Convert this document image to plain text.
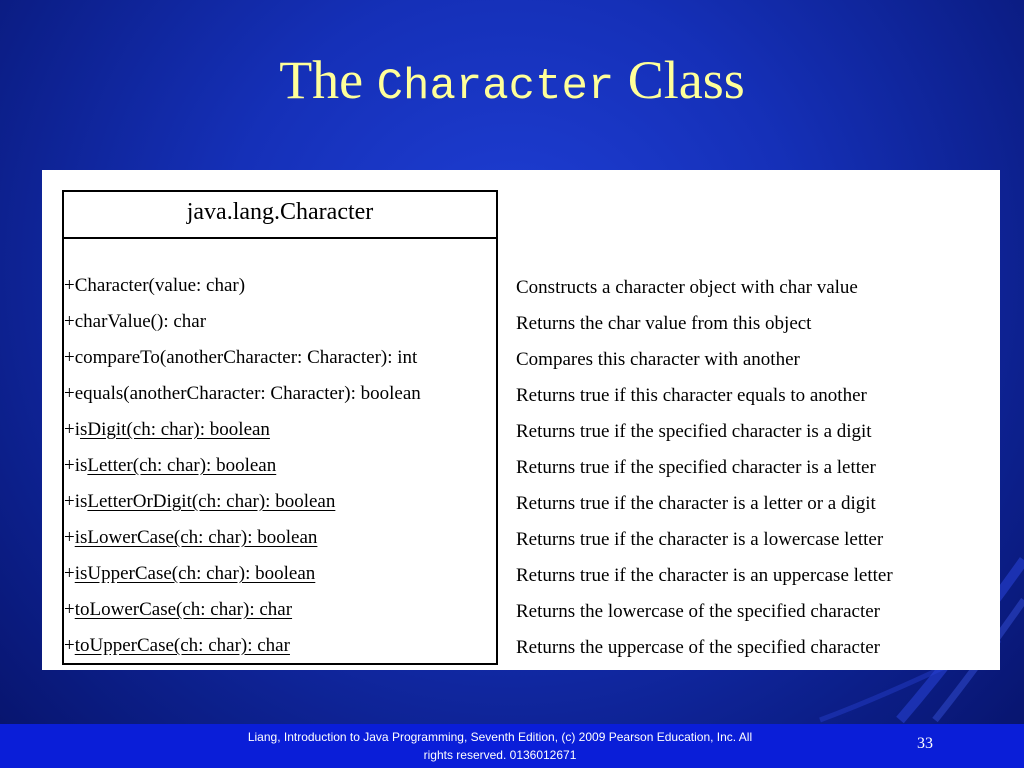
The Character Class
java.lang.Character
+Character(value: char)	Constructs a character object with char value
+charValue(): char	Returns the char value from this object
+compareTo(anotherCharacter: Character): int	Compares this character with another
+equals(anotherCharacter: Character): boolean	Returns true if this character equals to another
+isDigit(ch: char): boolean	Returns true if the specified character is a digit
+isLetter(ch: char): boolean	Returns true if the specified character is a letter
+isLetterOrDigit(ch: char): boolean	Returns true if the character is a letter or a digit
+isLowerCase(ch: char): boolean	Returns true if the character is a lowercase letter
+isUpperCase(ch: char): boolean	Returns true if the character is an uppercase letter
+toLowerCase(ch: char): char	Returns the lowercase of the specified character
+toUpperCase(ch: char): char	Returns the uppercase of the specified character
Liang, Introduction to Java Programming, Seventh Edition, (c) 2009 Pearson Education, Inc. All
rights reserved. 0136012671
33
